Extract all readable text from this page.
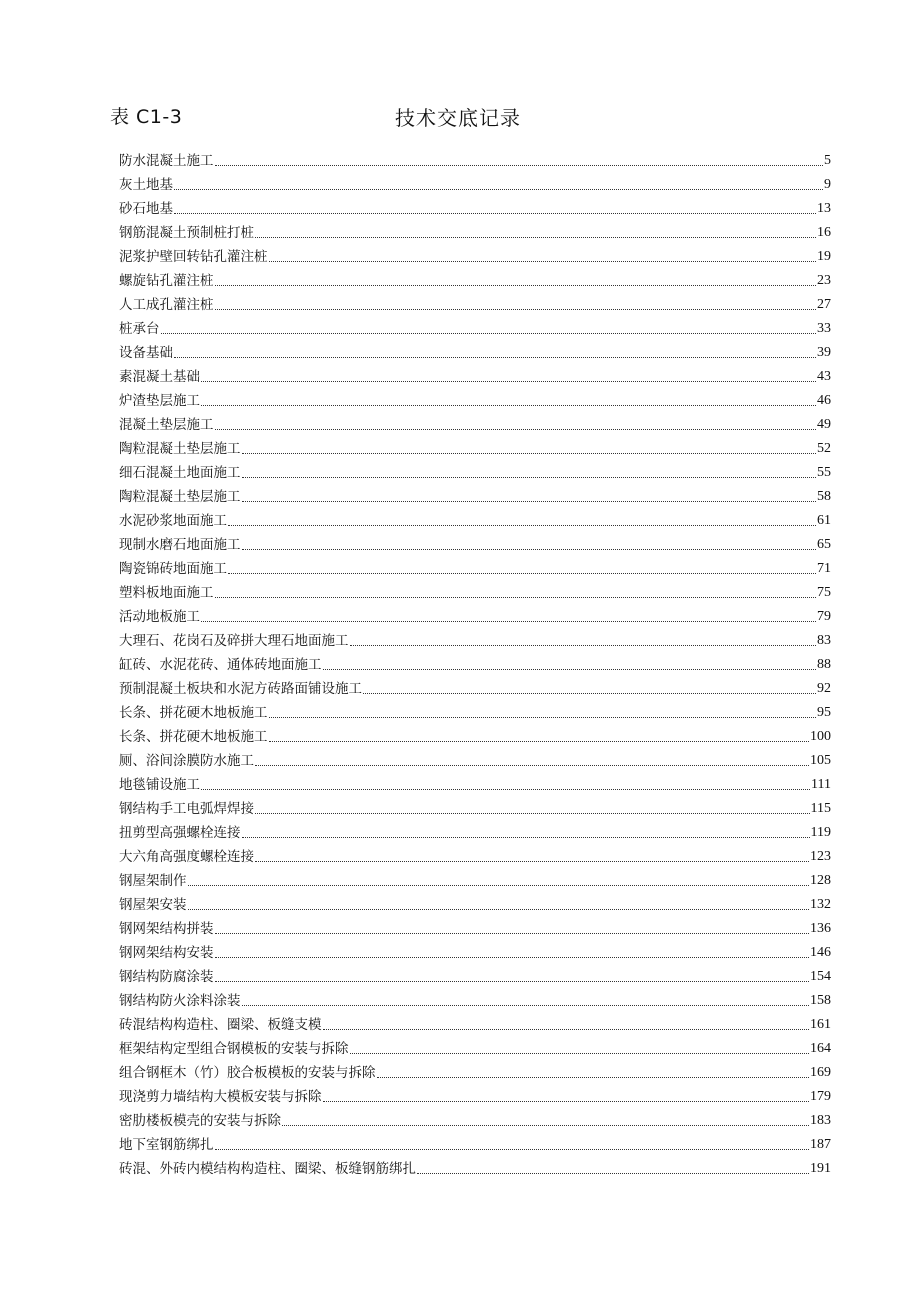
表 C1-3	技术交底记录
防水混凝土施工	5
灰土地基	9
砂石地基	13
钢筋混凝土预制桩打桩	16
泥浆护壁回转钻孔灌注桩	19
螺旋钻孔灌注桩	23
人工成孔灌注桩	27
桩承台	33
设备基础	39
素混凝土基础	43
炉渣垫层施工	46
混凝土垫层施工	49
陶粒混凝土垫层施工	52
细石混凝土地面施工	55
陶粒混凝土垫层施工	58
水泥砂浆地面施工	61
现制水磨石地面施工	65
陶瓷锦砖地面施工	71
塑料板地面施工	75
活动地板施工	79
大理石、花岗石及碎拼大理石地面施工	83
缸砖、水泥花砖、通体砖地面施工	88
预制混凝土板块和水泥方砖路面铺设施工	92
长条、拼花硬木地板施工	95
长条、拼花硬木地板施工	100
厕、浴间涂膜防水施工	105
地毯铺设施工	111
钢结构手工电弧焊焊接	115
扭剪型高强螺栓连接	119
大六角高强度螺栓连接	123
钢屋架制作	128
钢屋架安装	132
钢网架结构拼装	136
钢网架结构安装	146
钢结构防腐涂装	154
钢结构防火涂料涂装	158
砖混结构构造柱、圈梁、板缝支模	161
框架结构定型组合钢模板的安装与拆除	164
组合钢框木（竹）胶合板模板的安装与拆除	169
现浇剪力墙结构大模板安装与拆除	179
密肋楼板模壳的安装与拆除	183
地下室钢筋绑扎	187
砖混、外砖内模结构构造柱、圈梁、板缝钢筋绑扎	191
